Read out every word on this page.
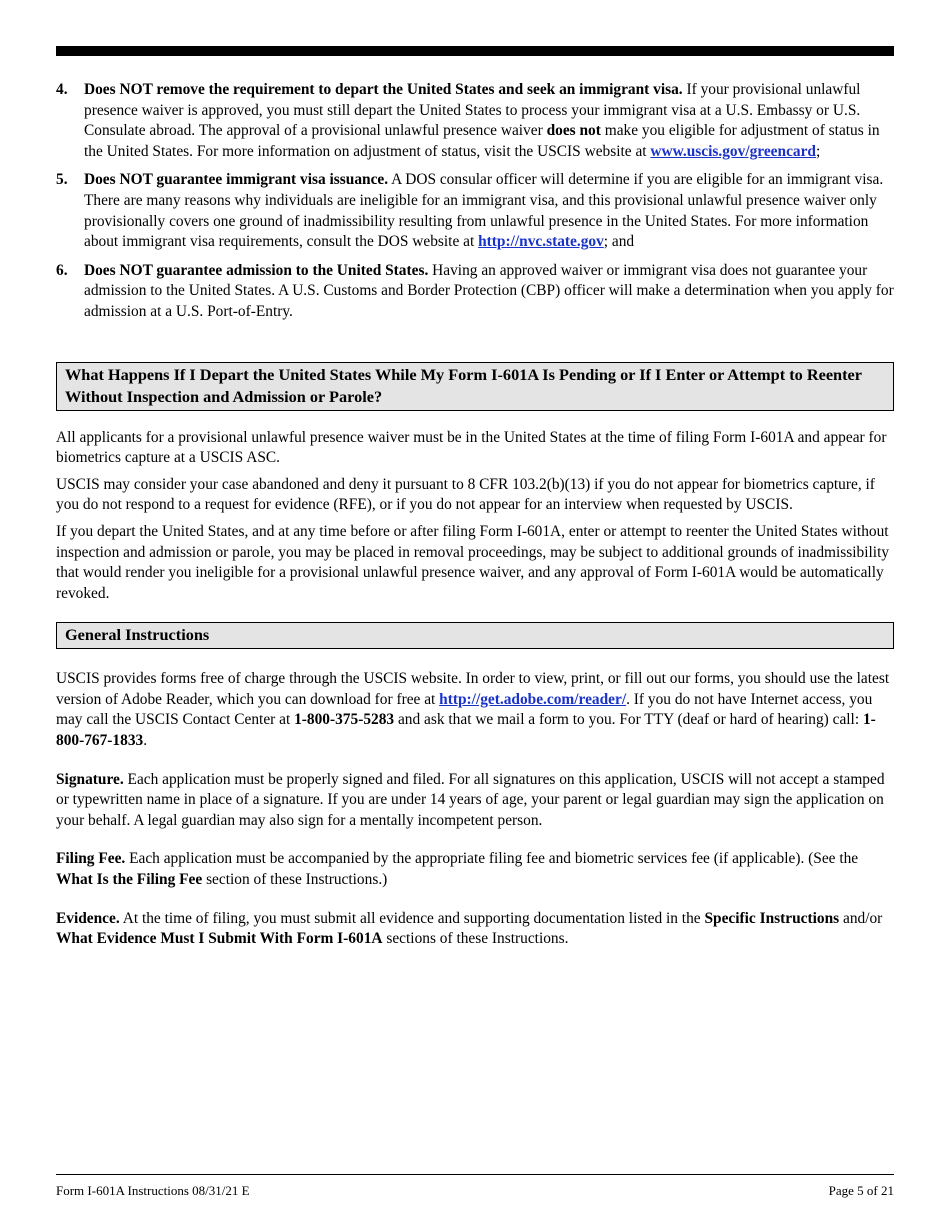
4.	Does NOT remove the requirement to depart the United States and seek an immigrant visa. If your provisional unlawful presence waiver is approved, you must still depart the United States to process your immigrant visa at a U.S. Embassy or U.S. Consulate abroad. The approval of a provisional unlawful presence waiver does not make you eligible for adjustment of status in the United States. For more information on adjustment of status, visit the USCIS website at www.uscis.gov/greencard;
5.	Does NOT guarantee immigrant visa issuance. A DOS consular officer will determine if you are eligible for an immigrant visa. There are many reasons why individuals are ineligible for an immigrant visa, and this provisional unlawful presence waiver only provisionally covers one ground of inadmissibility resulting from unlawful presence in the United States. For more information about immigrant visa requirements, consult the DOS website at http://nvc.state.gov; and
6.	Does NOT guarantee admission to the United States. Having an approved waiver or immigrant visa does not guarantee your admission to the United States. A U.S. Customs and Border Protection (CBP) officer will make a determination when you apply for admission at a U.S. Port-of-Entry.
What Happens If I Depart the United States While My Form I-601A Is Pending or If I Enter or Attempt to Reenter Without Inspection and Admission or Parole?

All applicants for a provisional unlawful presence waiver must be in the United States at the time of filing Form I-601A and appear for biometrics capture at a USCIS ASC.

USCIS may consider your case abandoned and deny it pursuant to 8 CFR 103.2(b)(13) if you do not appear for biometrics capture, if you do not respond to a request for evidence (RFE), or if you do not appear for an interview when requested by USCIS.

If you depart the United States, and at any time before or after filing Form I-601A, enter or attempt to reenter the United States without inspection and admission or parole, you may be placed in removal proceedings, may be subject to additional grounds of inadmissibility that would render you ineligible for a provisional unlawful presence waiver, and any approval of Form I-601A would be automatically revoked.

General Instructions

USCIS provides forms free of charge through the USCIS website. In order to view, print, or fill out our forms, you should use the latest version of Adobe Reader, which you can download for free at http://get.adobe.com/reader/. If you do not have Internet access, you may call the USCIS Contact Center at 1-800-375-5283 and ask that we mail a form to you. For TTY (deaf or hard of hearing) call: 1-800-767-1833.

Signature. Each application must be properly signed and filed. For all signatures on this application, USCIS will not accept a stamped or typewritten name in place of a signature. If you are under 14 years of age, your parent or legal guardian may sign the application on your behalf. A legal guardian may also sign for a mentally incompetent person.

Filing Fee. Each application must be accompanied by the appropriate filing fee and biometric services fee (if applicable). (See the What Is the Filing Fee section of these Instructions.)

Evidence. At the time of filing, you must submit all evidence and supporting documentation listed in the Specific Instructions and/or What Evidence Must I Submit With Form I-601A sections of these Instructions.

Form I-601A Instructions 08/31/21 E	Page 5 of 21
